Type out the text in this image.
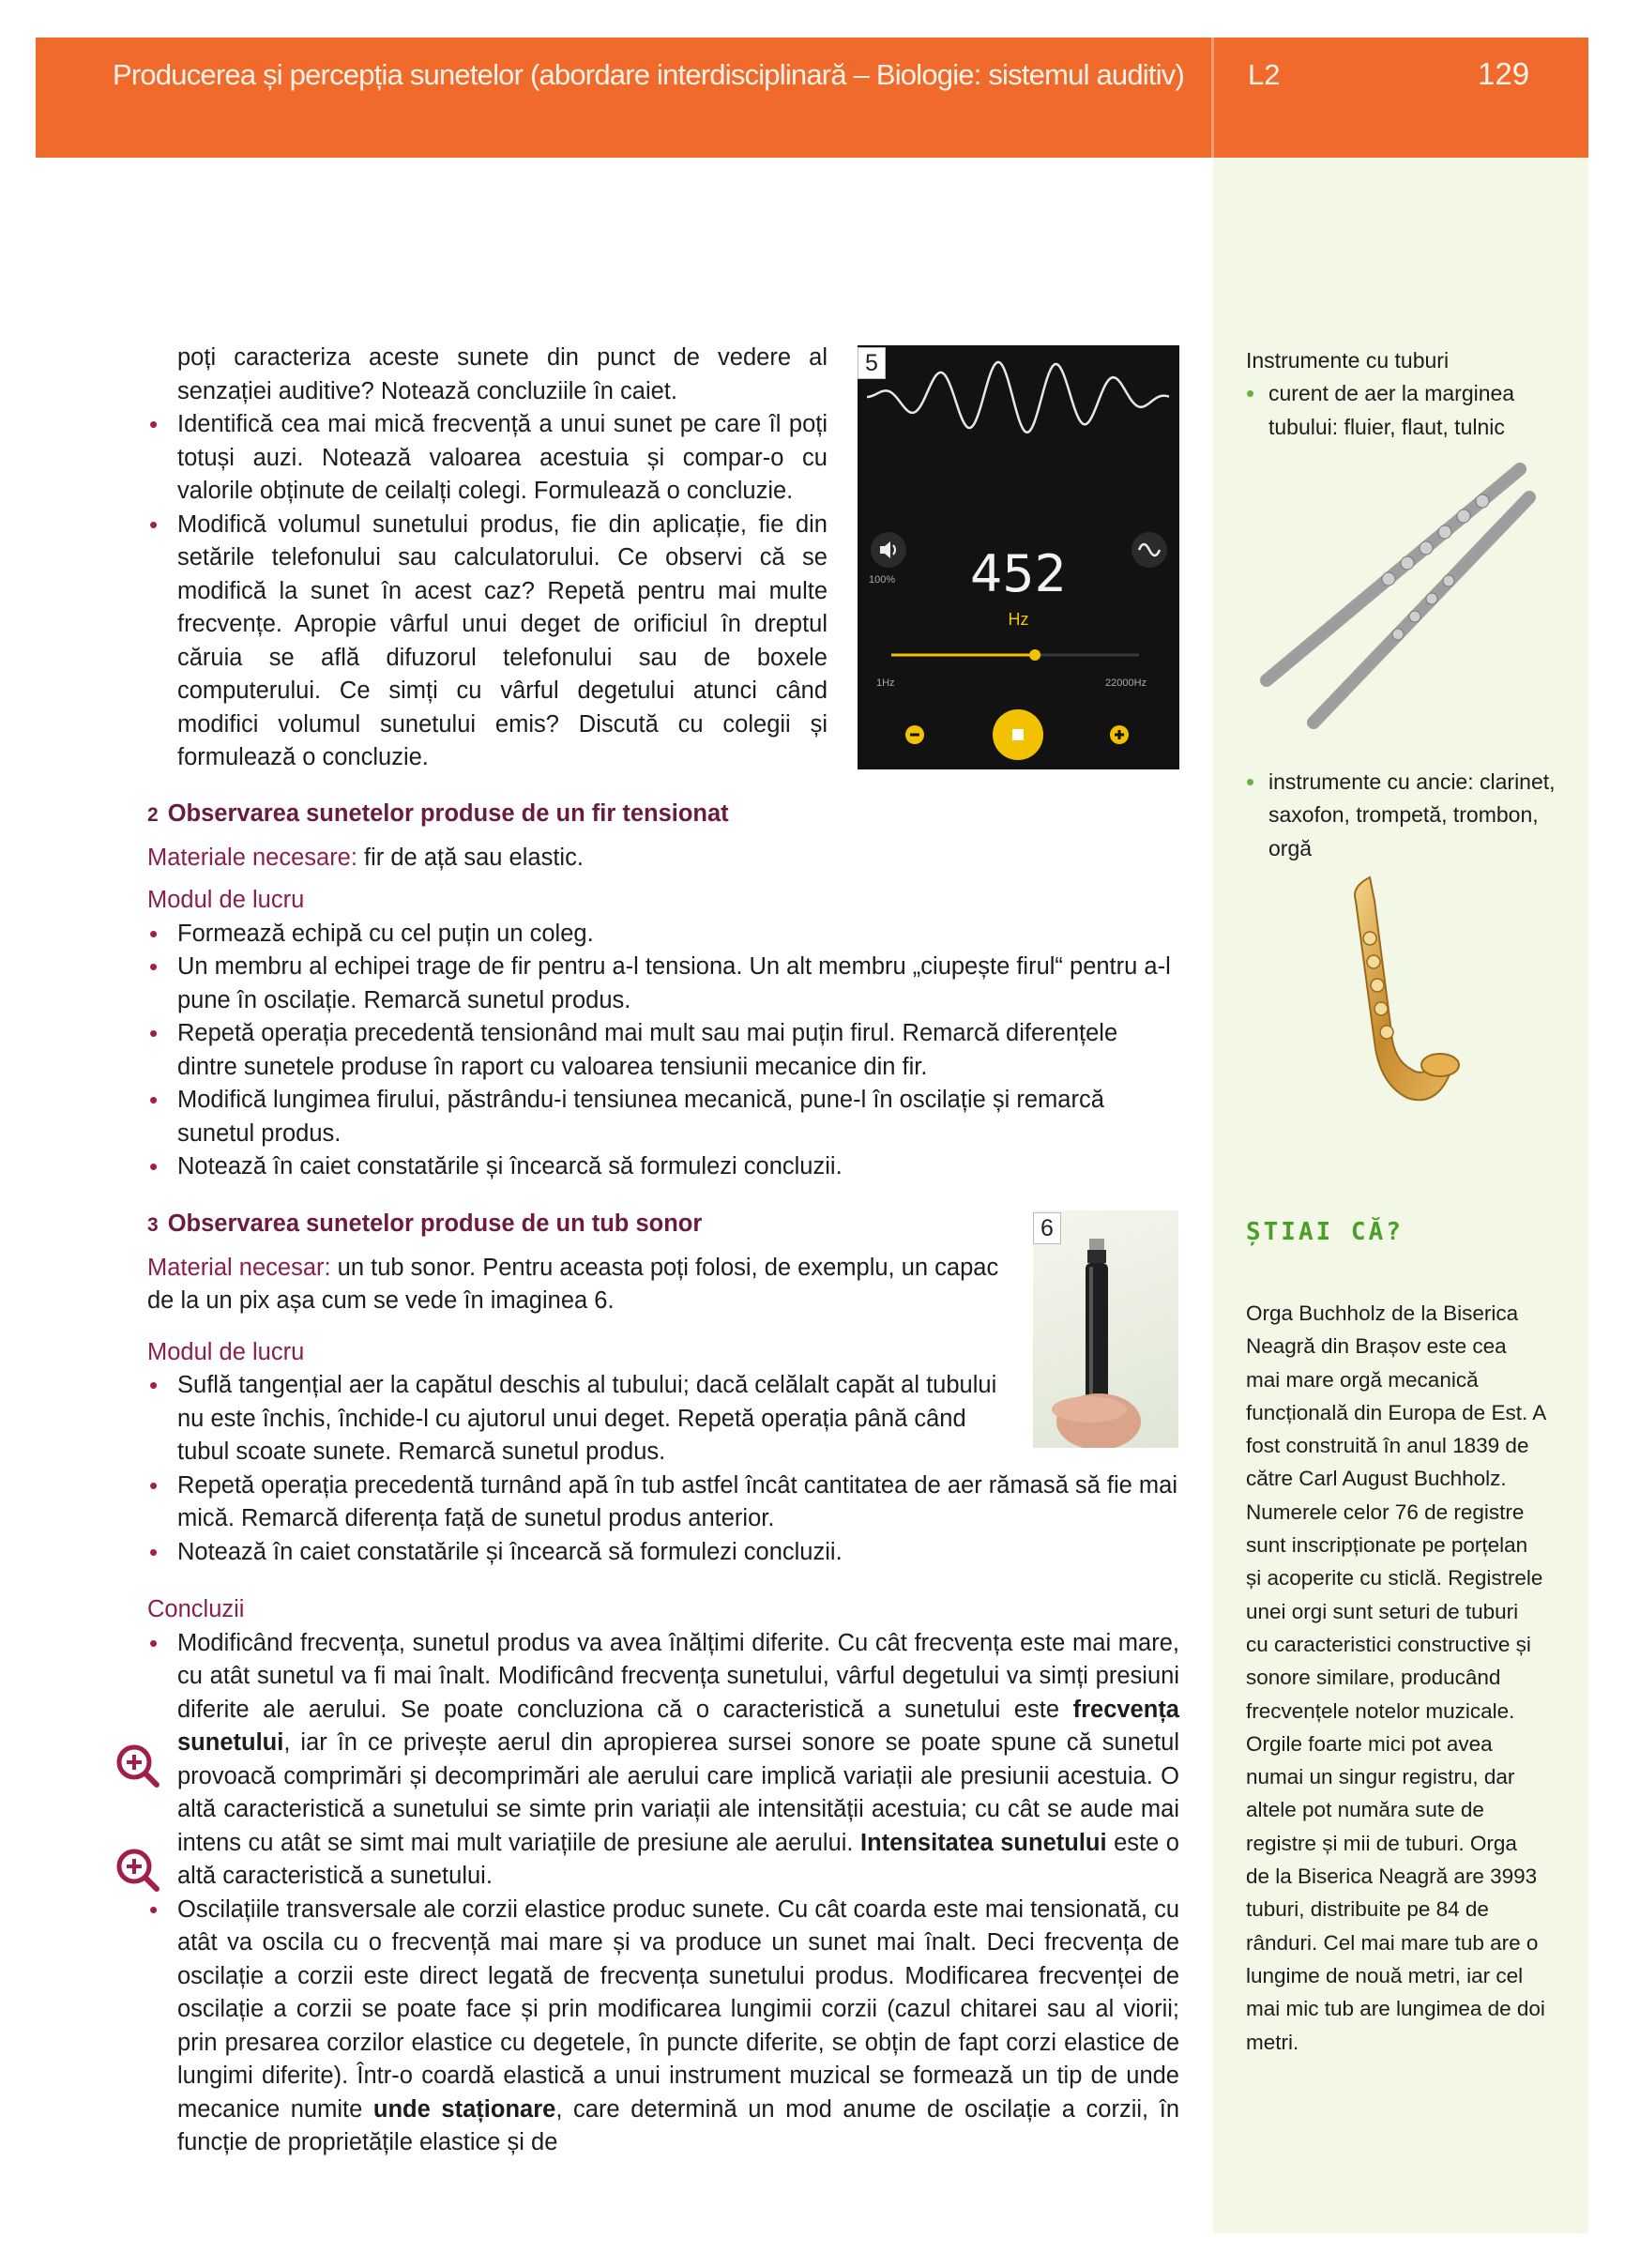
Producerea și percepția sunetelor (abordare interdisciplinară – Biologie: sistemul auditiv) L2	129

poți caracteriza aceste sunete din punct de vedere al senzației auditive? Notează concluziile în caiet.

• Identifică cea mai mică frecvență a unui sunet pe care îl poți totuși auzi. Notează valoarea acestuia și compar-o cu valorile obținute de ceilalți colegi. Formulează o concluzie.
• Modifică volumul sunetului produs, fie din aplicație, fie din setările telefonului sau calculatorului. Ce observi că se modifică la sunet în acest caz? Repetă pentru mai multe frecvențe. Apropie vârful unui deget de orificiul în dreptul căruia se află difuzorul telefonului sau de boxele computerului. Ce simți cu vârful degetului atunci când modifici volumul sunetului emis? Discută cu colegii și formulează o concluzie.
100%	452
Hz
1Hz	22000Hz
5
2 Observarea sunetelor produse de un fir tensionat
Materiale necesare: fir de ață sau elastic.
Modul de lucru
• Formează echipă cu cel puțin un coleg.
• Un membru al echipei trage de fir pentru a-l tensiona. Un alt membru „ciupește firul“ pentru a-l pune în oscilație. Remarcă sunetul produs.
• Repetă operația precedentă tensionând mai mult sau mai puțin firul. Remarcă diferențele dintre sunetele produse în raport cu valoarea tensiunii mecanice din fir.
• Modifică lungimea firului, păstrându-i tensiunea mecanică, pune-l în oscilație și remarcă sunetul produs.
• Notează în caiet constatările și încearcă să formulezi concluzii.
3 Observarea sunetelor produse de un tub sonor
Material necesar: un tub sonor. Pentru aceasta poți folosi, de exemplu, un capac de la un pix așa cum se vede în imaginea 6.
Modul de lucru
• Suflă tangențial aer la capătul deschis al tubului; dacă celălalt capăt al tubului nu este închis, închide-l cu ajutorul unui deget. Repetă operația până când tubul scoate sunete. Remarcă sunetul produs.
• Repetă operația precedentă turnând apă în tub astfel încât cantitatea de aer rămasă să fie mai mică. Remarcă diferența față de sunetul produs anterior.
• Notează în caiet constatările și încearcă să formulezi concluzii.
6
Concluzii
• Modificând frecvența, sunetul produs va avea înălțimi diferite. Cu cât frecvența este mai mare, cu atât sunetul va fi mai înalt. Modificând frecvența sunetului, vârful degetului va simți presiuni diferite ale aerului. Se poate concluziona că o caracteristică a sunetului este frecvența sunetului, iar în ce privește aerul din apropierea sursei sonore se poate spune că sunetul provoacă comprimări și decomprimări ale aerului care implică variații ale presiunii acestuia. O altă caracteristică a sunetului se simte prin variații ale intensității acestuia; cu cât se aude mai intens cu atât se simt mai mult variațiile de presiune ale aerului. Intensitatea sunetului este o altă caracteristică a sunetului.
• Oscilațiile transversale ale corzii elastice produc sunete. Cu cât coarda este mai tensionată, cu atât va oscila cu o frecvență mai mare și va produce un sunet mai înalt. Deci frecvența de oscilație a corzii este direct legată de frecvența sunetului produs. Modificarea frecvenței de oscilație a corzii se poate face și prin modificarea lungimii corzii (cazul chitarei sau al viorii; prin presarea corzilor elastice cu degetele, în puncte diferite, se obțin de fapt corzi elastice de lungimi diferite). Într-o coardă elastică a unui instrument muzical se formează un tip de unde mecanice numite unde staționare, care determină un mod anume de oscilație a corzii, în funcție de proprietățile elastice și de
Instrumente cu tuburi
• curent de aer la marginea tubului: fluier, flaut, tulnic
• instrumente cu ancie: clarinet, saxofon, trompetă, trombon, orgă
ȘTIAI CĂ?
Orga Buchholz de la Biserica Neagră din Brașov este cea mai mare orgă mecanică funcțională din Europa de Est. A fost construită în anul 1839 de către Carl August Buchholz. Numerele celor 76 de registre sunt inscripționate pe porțelan și acoperite cu sticlă. Registrele unei orgi sunt seturi de tuburi cu caracteristici constructive și sonore similare, producând frecvențele notelor muzicale. Orgile foarte mici pot avea numai un singur registru, dar altele pot număra sute de registre și mii de tuburi. Orga de la Biserica Neagră are 3993 tuburi, distribuite pe 84 de rânduri. Cel mai mare tub are o lungime de nouă metri, iar cel mai mic tub are lungimea de doi metri.
